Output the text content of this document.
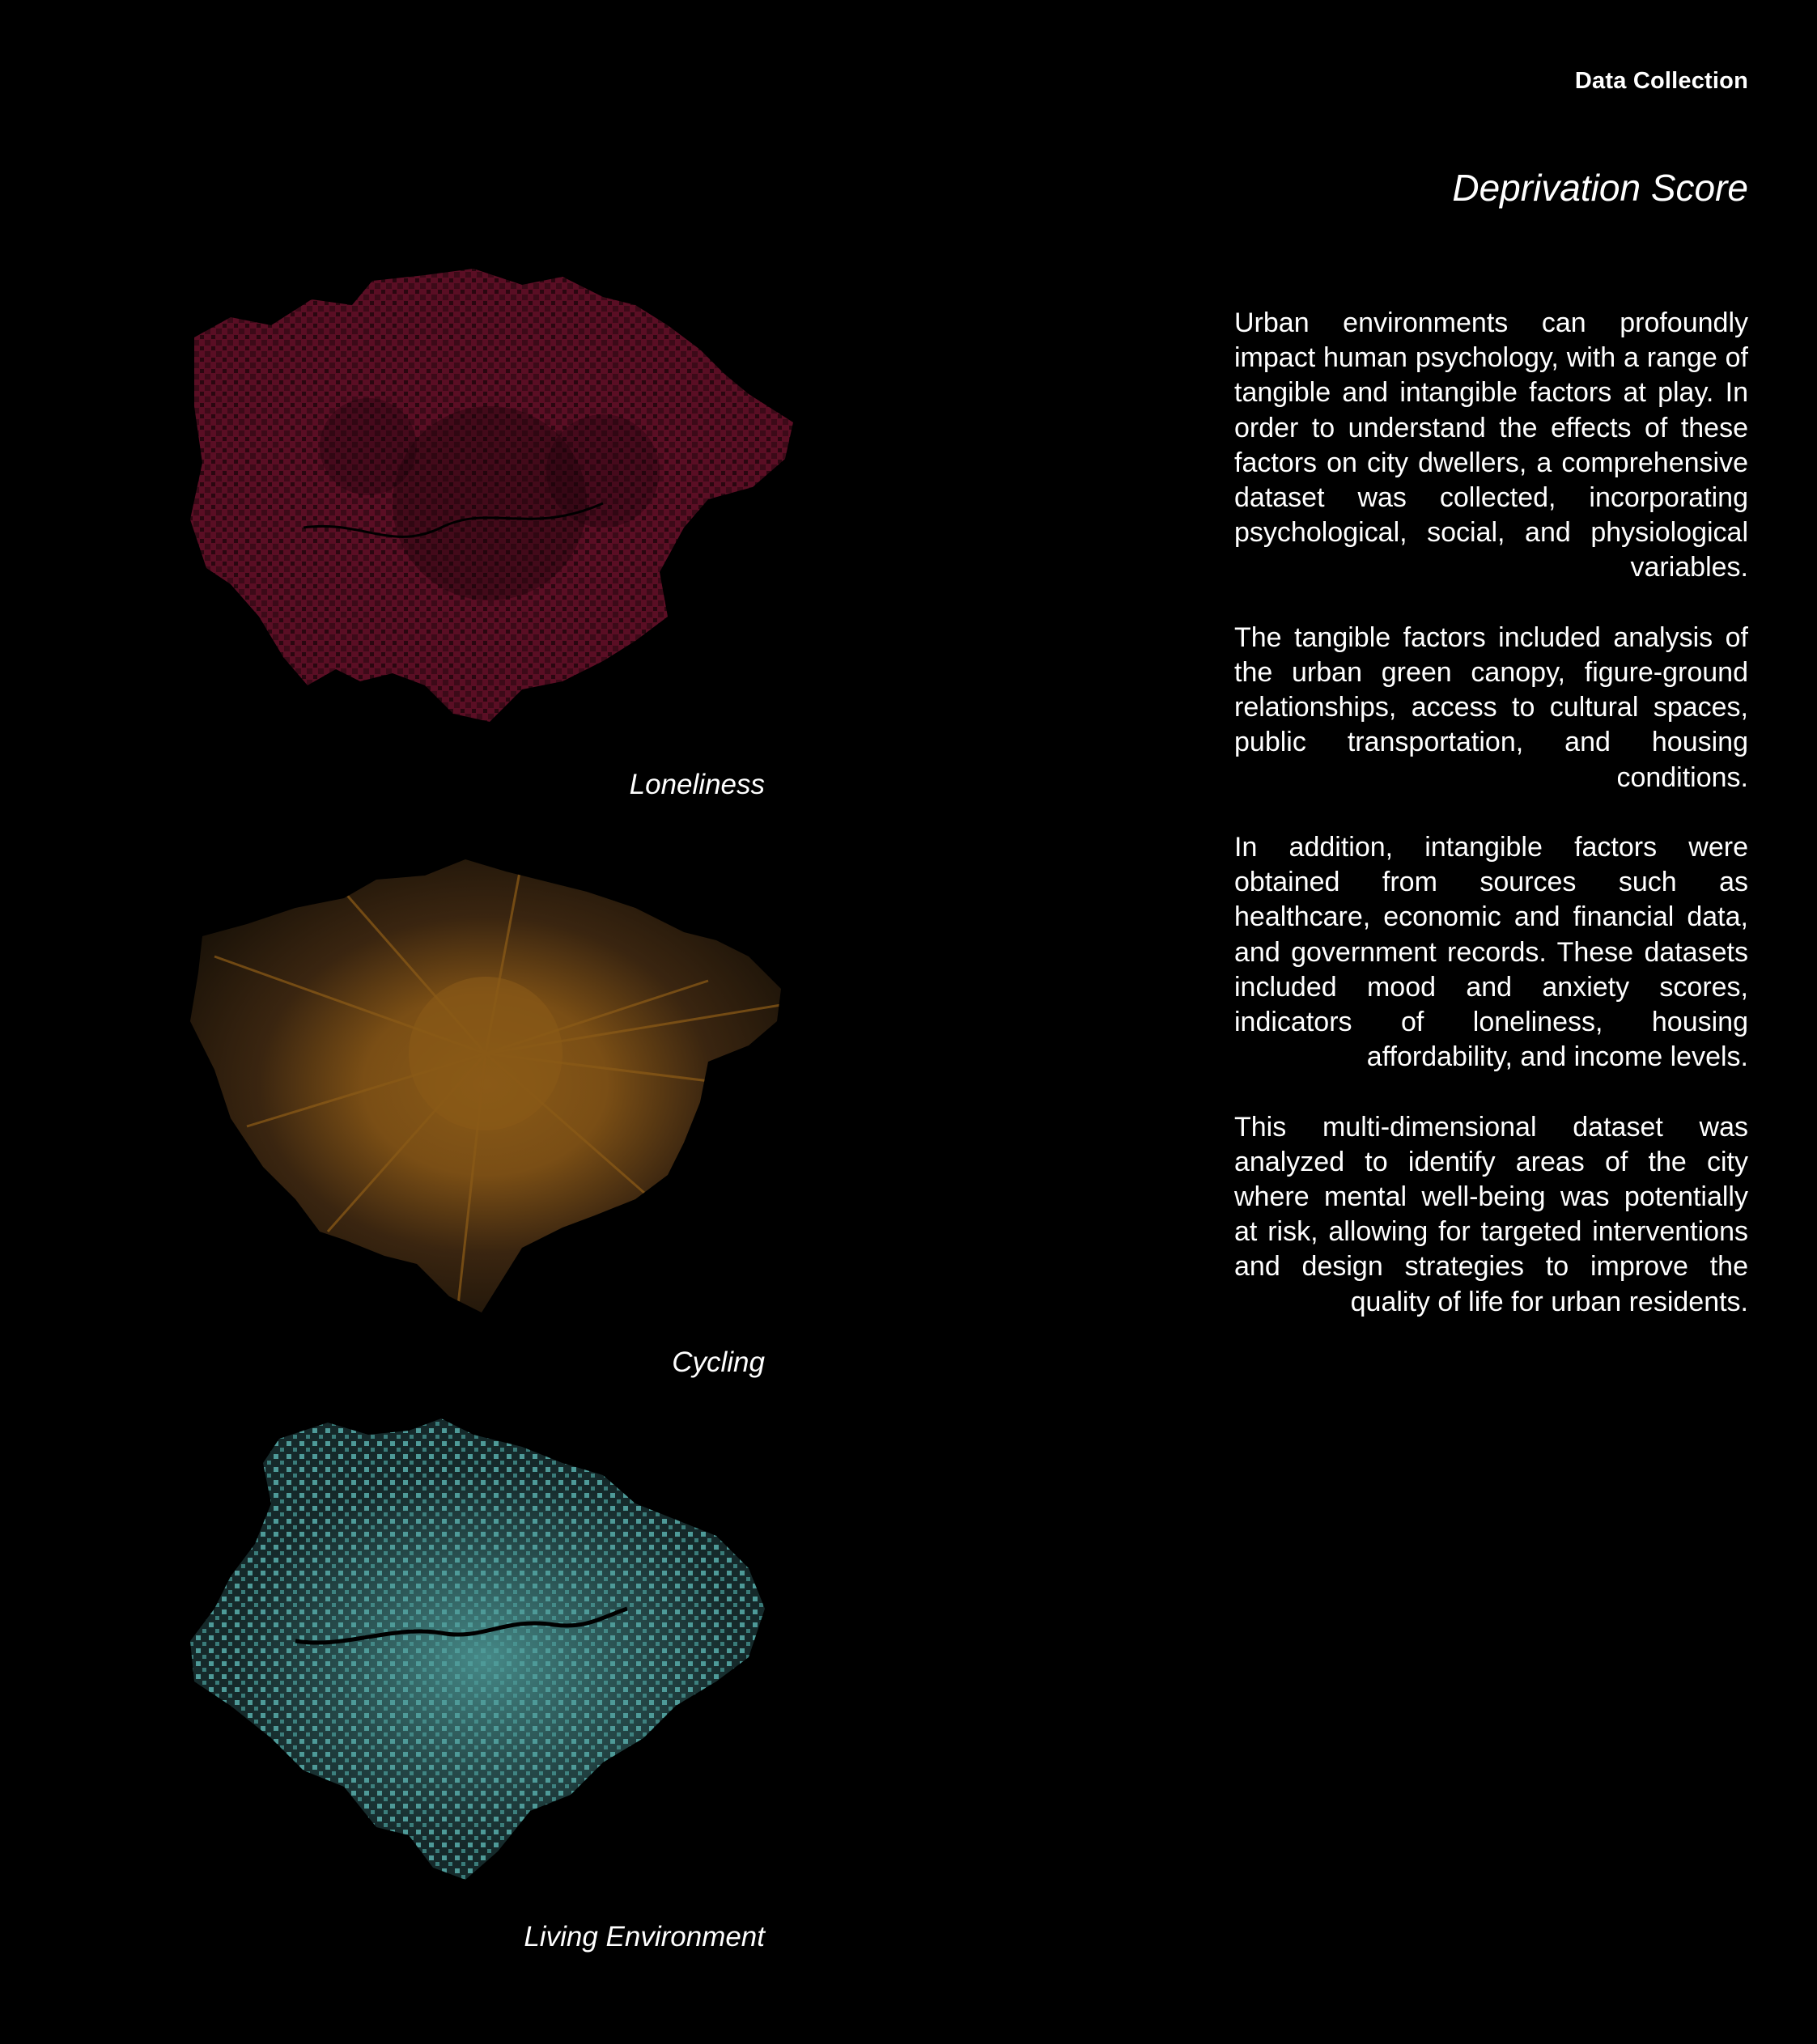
Data Collection
Deprivation Score

Urban environments can profoundly impact human psychology, with a range of tangible and intangible factors at play. In order to understand the effects of these factors on city dwellers, a comprehensive dataset was collected, incorporating psychological, social, and physiological variables.

The tangible factors included analysis of the urban green canopy, figure-ground relationships, access to cultural spaces, public transportation, and housing conditions.

In addition, intangible factors were obtained from sources such as healthcare, economic and financial data, and government records. These datasets included mood and anxiety scores, indicators of loneliness, housing affordability, and income levels.

This multi-dimensional dataset was analyzed to identify areas of the city where mental well-being was potentially at risk, allowing for targeted interventions and design strategies to improve the quality of life for urban residents.

Loneliness
Cycling
Living Environment
